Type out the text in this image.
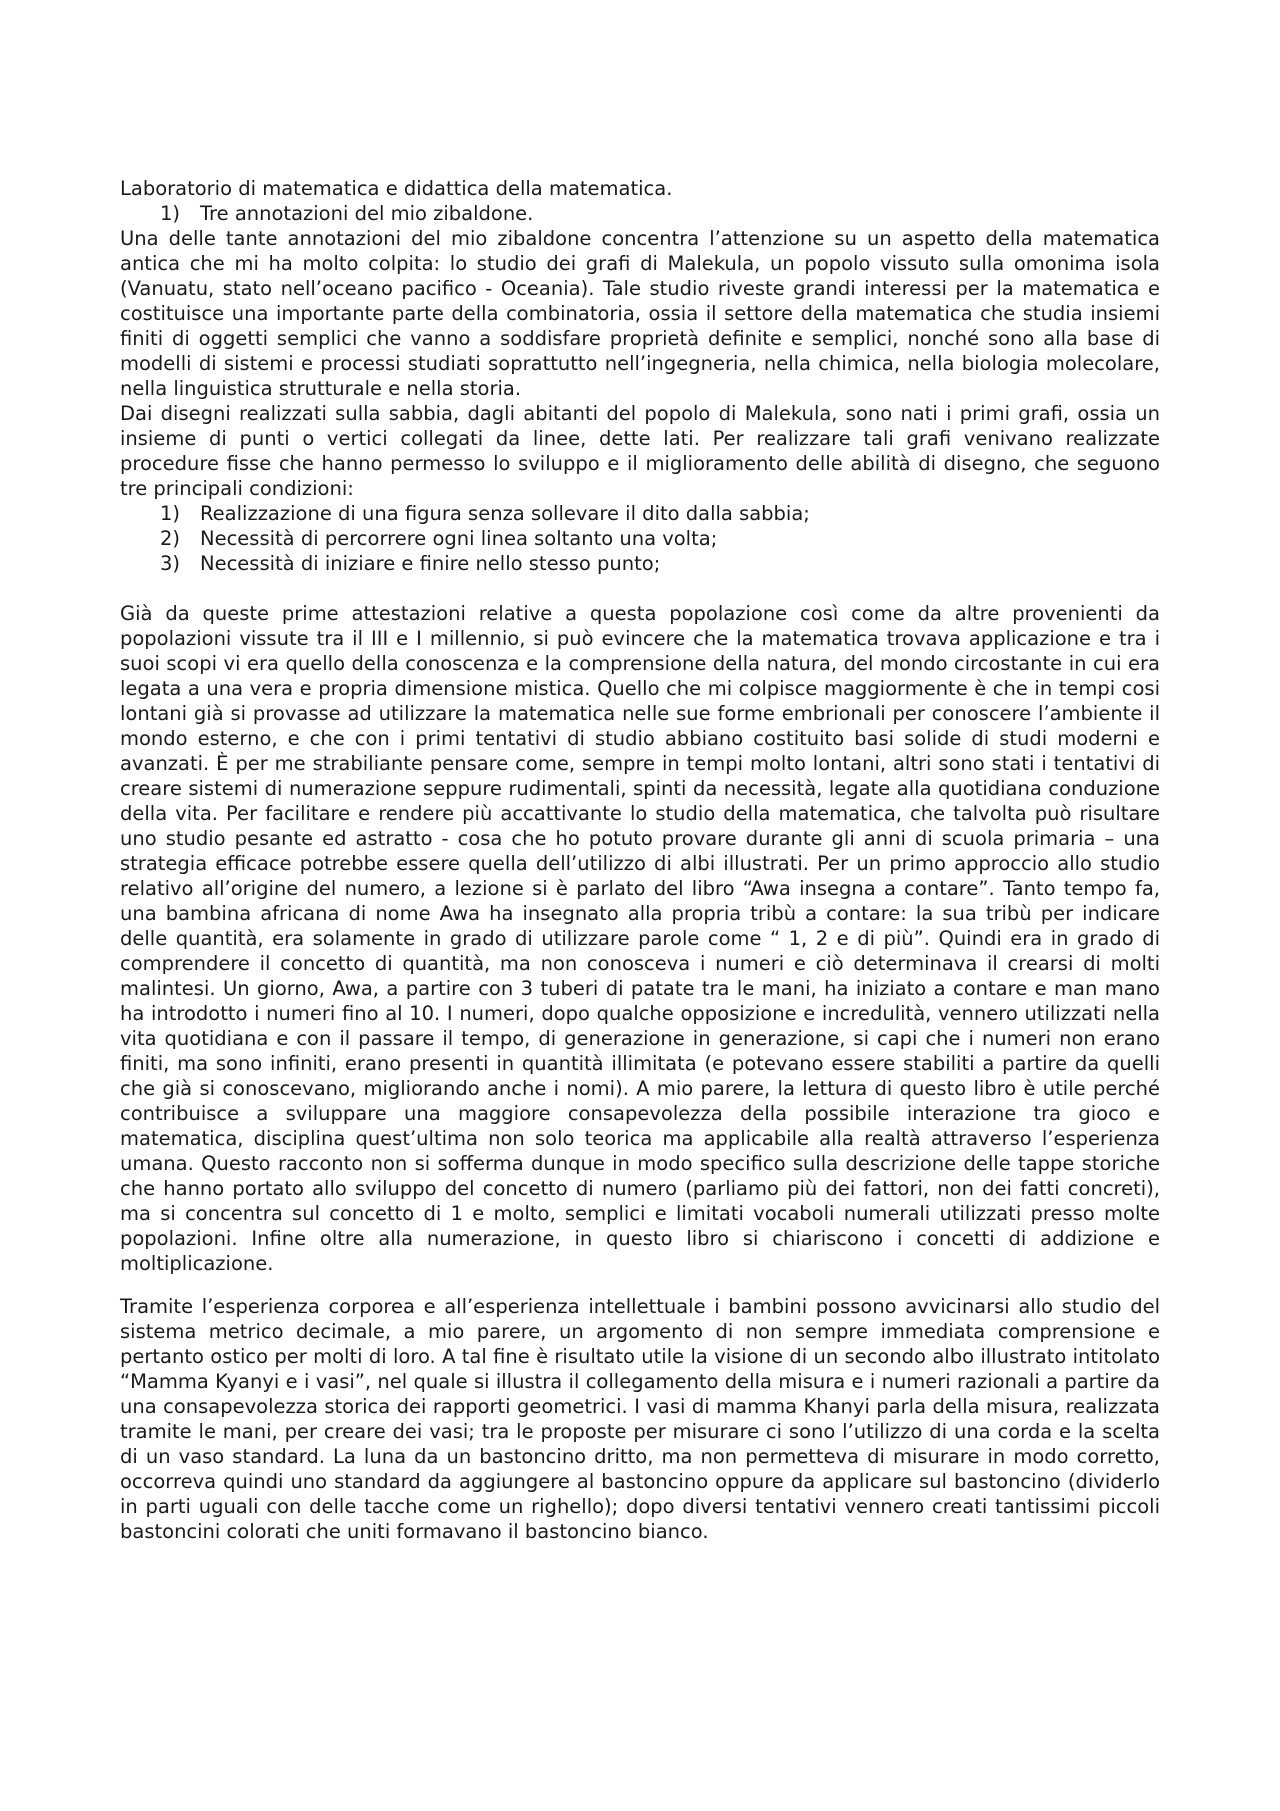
Laboratorio di matematica e didattica della matematica.
1)	Tre annotazioni del mio zibaldone.

Una delle tante annotazioni del mio zibaldone concentra l’attenzione su un aspetto della matematica antica che mi ha molto colpita: lo studio dei grafi di Malekula, un popolo vissuto sulla omonima isola (Vanuatu, stato nell’oceano pacifico - Oceania). Tale studio riveste grandi interessi per la matematica e costituisce una importante parte della combinatoria, ossia il settore della matematica che studia insiemi finiti di oggetti semplici che vanno a soddisfare proprietà definite e semplici, nonché sono alla base di modelli di sistemi e processi studiati soprattutto nell’ingegneria, nella chimica, nella biologia molecolare, nella linguistica strutturale e nella storia.

Dai disegni realizzati sulla sabbia, dagli abitanti del popolo di Malekula, sono nati i primi grafi, ossia un insieme di punti o vertici collegati da linee, dette lati. Per realizzare tali grafi venivano realizzate procedure fisse che hanno permesso lo sviluppo e il miglioramento delle abilità di disegno, che seguono tre principali condizioni:

1)	Realizzazione di una figura senza sollevare il dito dalla sabbia;
2)	Necessità di percorrere ogni linea soltanto una volta;
3)	Necessità di iniziare e finire nello stesso punto;

Già da queste prime attestazioni relative a questa popolazione così come da altre provenienti da popolazioni vissute tra il III e I millennio, si può evincere che la matematica trovava applicazione e tra i suoi scopi vi era quello della conoscenza e la comprensione della natura, del mondo circostante in cui era legata a una vera e propria dimensione mistica. Quello che mi colpisce maggiormente è che in tempi cosi lontani già si provasse ad utilizzare la matematica nelle sue forme embrionali per conoscere l’ambiente il mondo esterno, e che con i primi tentativi di studio abbiano costituito basi solide di studi moderni e avanzati. È per me strabiliante pensare come, sempre in tempi molto lontani, altri sono stati i tentativi di creare sistemi di numerazione seppure rudimentali, spinti da necessità, legate alla quotidiana conduzione della vita. Per facilitare e rendere più accattivante lo studio della matematica, che talvolta può risultare uno studio pesante ed astratto - cosa che ho potuto provare durante gli anni di scuola primaria – una strategia efficace potrebbe essere quella dell’utilizzo di albi illustrati. Per un primo approccio allo studio relativo all’origine del numero, a lezione si è parlato del libro “Awa insegna a contare”. Tanto tempo fa, una bambina africana di nome Awa ha insegnato alla propria tribù a contare: la sua tribù per indicare delle quantità, era solamente in grado di utilizzare parole come “ 1, 2 e di più”. Quindi era in grado di comprendere il concetto di quantità, ma non conosceva i numeri e ciò determinava il crearsi di molti malintesi. Un giorno, Awa, a partire con 3 tuberi di patate tra le mani, ha iniziato a contare e man mano ha introdotto i numeri fino al 10. I numeri, dopo qualche opposizione e incredulità, vennero utilizzati nella vita quotidiana e con il passare il tempo, di generazione in generazione, si capi che i numeri non erano finiti, ma sono infiniti, erano presenti in quantità illimitata (e potevano essere stabiliti a partire da quelli che già si conoscevano, migliorando anche i nomi). A mio parere, la lettura di questo libro è utile perché contribuisce a sviluppare una maggiore consapevolezza della possibile interazione tra gioco e matematica, disciplina quest’ultima non solo teorica ma applicabile alla realtà attraverso l’esperienza umana. Questo racconto non si sofferma dunque in modo specifico sulla descrizione delle tappe storiche che hanno portato allo sviluppo del concetto di numero (parliamo più dei fattori, non dei fatti concreti), ma si concentra sul concetto di 1 e molto, semplici e limitati vocaboli numerali utilizzati presso molte popolazioni. Infine oltre alla numerazione, in questo libro si chiariscono i concetti di addizione e moltiplicazione.

Tramite l’esperienza corporea e all’esperienza intellettuale i bambini possono avvicinarsi allo studio del sistema metrico decimale, a mio parere, un argomento di non sempre immediata comprensione e pertanto ostico per molti di loro. A tal fine è risultato utile la visione di un secondo albo illustrato intitolato “Mamma Kyanyi e i vasi”, nel quale si illustra il collegamento della misura e i numeri razionali a partire da una consapevolezza storica dei rapporti geometrici. I vasi di mamma Khanyi parla della misura, realizzata tramite le mani, per creare dei vasi; tra le proposte per misurare ci sono l’utilizzo di una corda e la scelta di un vaso standard. La luna da un bastoncino dritto, ma non permetteva di misurare in modo corretto, occorreva quindi uno standard da aggiungere al bastoncino oppure da applicare sul bastoncino (dividerlo in parti uguali con delle tacche come un righello); dopo diversi tentativi vennero creati tantissimi piccoli bastoncini colorati che uniti formavano il bastoncino bianco.
